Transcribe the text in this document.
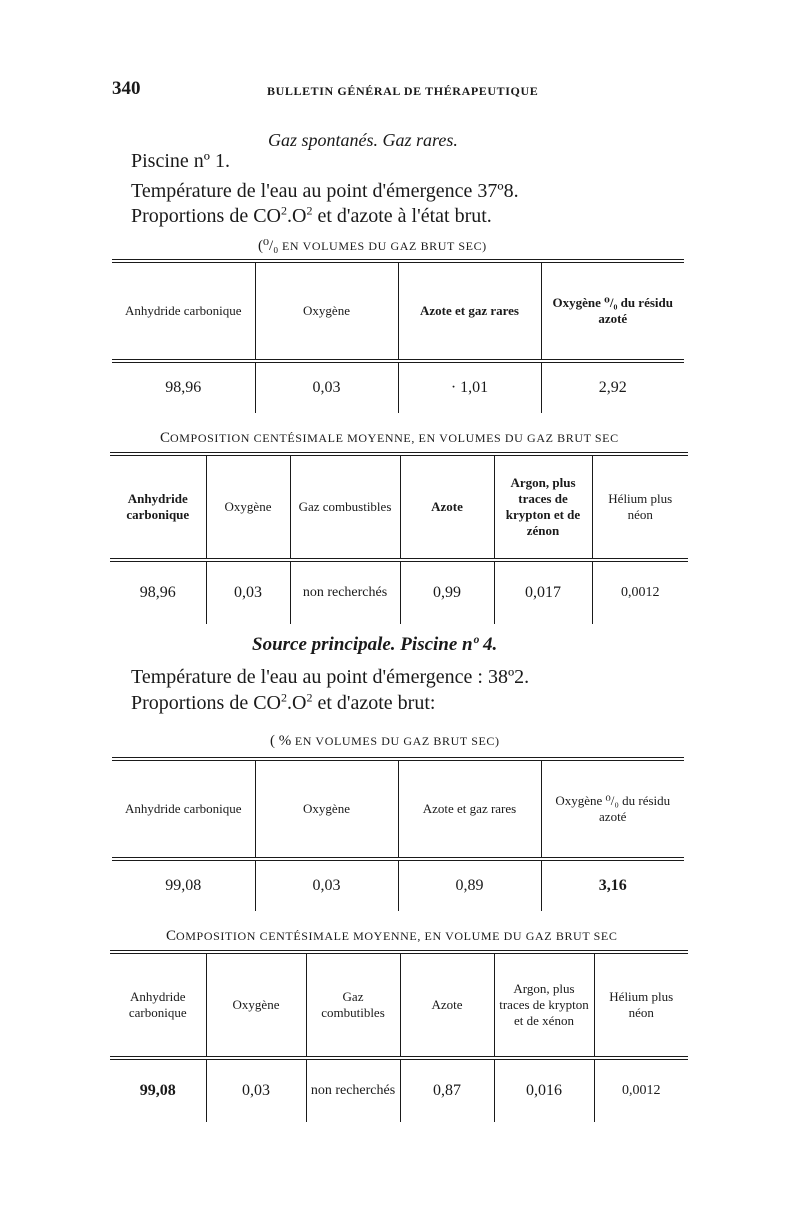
340	BULLETIN GÉNÉRAL DE THÉRAPEUTIQUE
Gaz spontanés. Gaz rares.
Piscine nº 1.
Température de l'eau au point d'émergence 37º8.
Proportions de $CO^2.O^2$ et d'azote à l'état brut.
(⁰/₀ EN VOLUMES DU GAZ BRUT SEC)
Anhydride carbonique	Oxygène	Azote et gaz rares	Oxygène ⁰/₀ du résidu azoté
98,96	0,03	· 1,01	2,92
COMPOSITION CENTÉSIMALE MOYENNE, EN VOLUMES DU GAZ BRUT SEC
Anhydride carbonique	Oxygène	Gaz combustibles	Azote	Argon, plus traces de krypton et de zénon	Hélium plus néon
98,96	0,03	non recherchés	0,99	0,017	0,0012
Source principale. Piscine nº 4.
Température de l'eau au point d'émergence : 38º2.
Proportions de $CO^2.O^2$ et d'azote brut:
( % EN VOLUMES DU GAZ BRUT SEC)
Anhydride carbonique	Oxygène	Azote et gaz rares	Oxygène ⁰/₀ du résidu azoté
99,08	0,03	0,89	3,16
COMPOSITION CENTÉSIMALE MOYENNE, EN VOLUME DU GAZ BRUT SEC
Anhydride carbonique	Oxygène	Gaz combutibles	Azote	Argon, plus traces de krypton et de xénon	Hélium plus néon
99,08	0,03	non recherchés	0,87	0,016	0,0012
